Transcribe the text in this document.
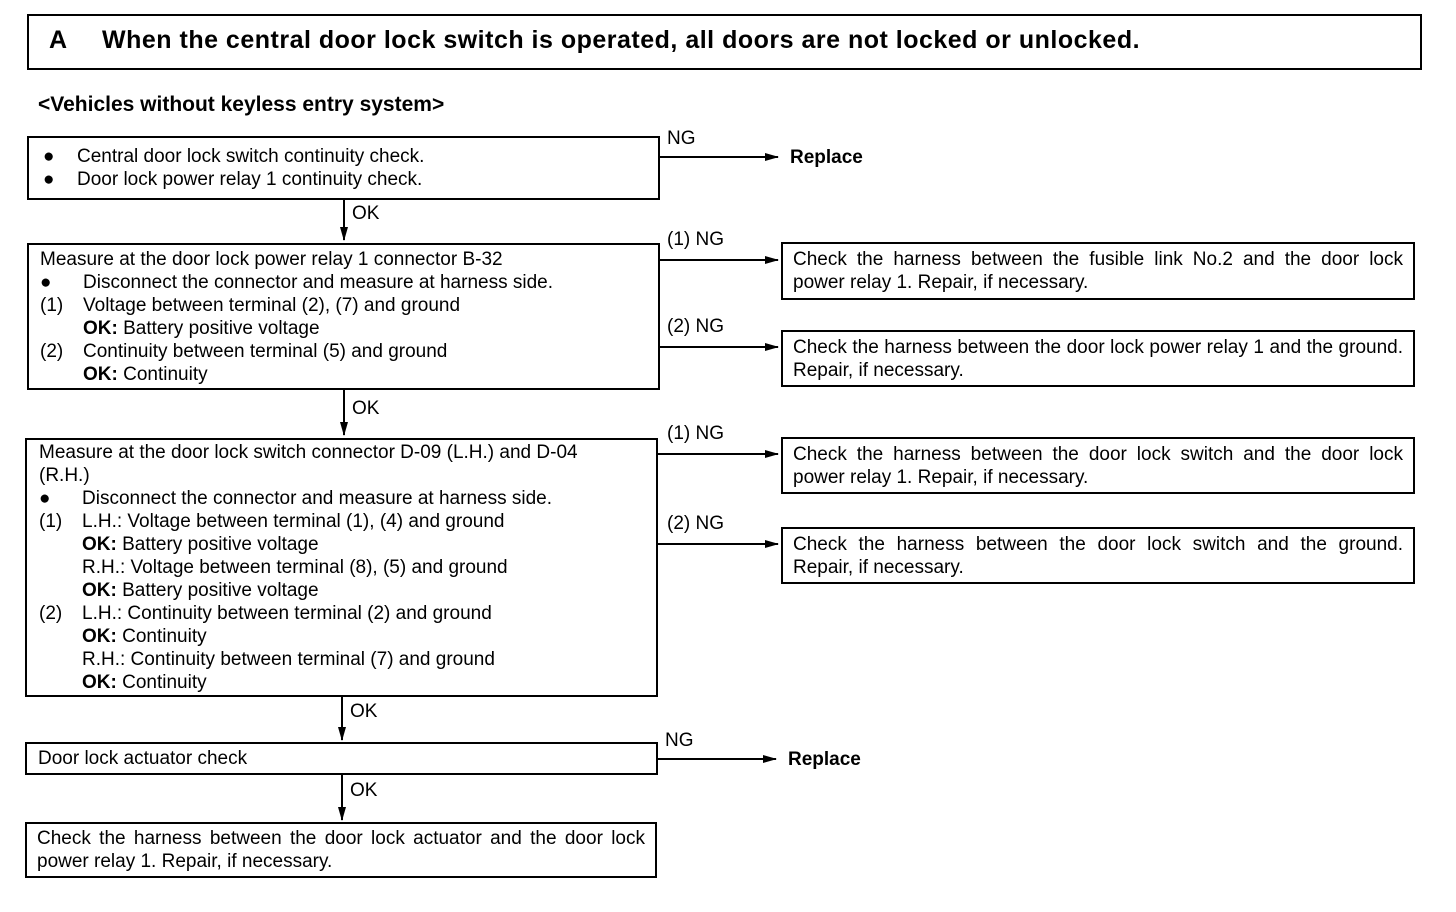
A When the central door lock switch is operated, all doors are not locked or unlocked.
<Vehicles without keyless entry system>
● Central door lock switch continuity check.
● Door lock power relay 1 continuity check.
NG
Replace
OK
Measure at the door lock power relay 1 connector B-32
● Disconnect the connector and measure at harness side.
(1) Voltage between terminal (2), (7) and ground
OK: Battery positive voltage
(2) Continuity between terminal (5) and ground
OK: Continuity
(1) NG
(2) NG
Check the harness between the fusible link No.2 and the door lock power relay 1. Repair, if necessary.
Check the harness between the door lock power relay 1 and the ground. Repair, if necessary.
OK
Measure at the door lock switch connector D-09 (L.H.) and D-04
(R.H.)
● Disconnect the connector and measure at harness side.
(1) L.H.: Voltage between terminal (1), (4) and ground
OK: Battery positive voltage
R.H.: Voltage between terminal (8), (5) and ground
OK: Battery positive voltage
(2) L.H.: Continuity between terminal (2) and ground
OK: Continuity
R.H.: Continuity between terminal (7) and ground
OK: Continuity
(1) NG
(2) NG
Check the harness between the door lock switch and the door lock power relay 1. Repair, if necessary.
Check the harness between the door lock switch and the ground. Repair, if necessary.
OK
Door lock actuator check
NG
Replace
OK
Check the harness between the door lock actuator and the door lock power relay 1. Repair, if necessary.
